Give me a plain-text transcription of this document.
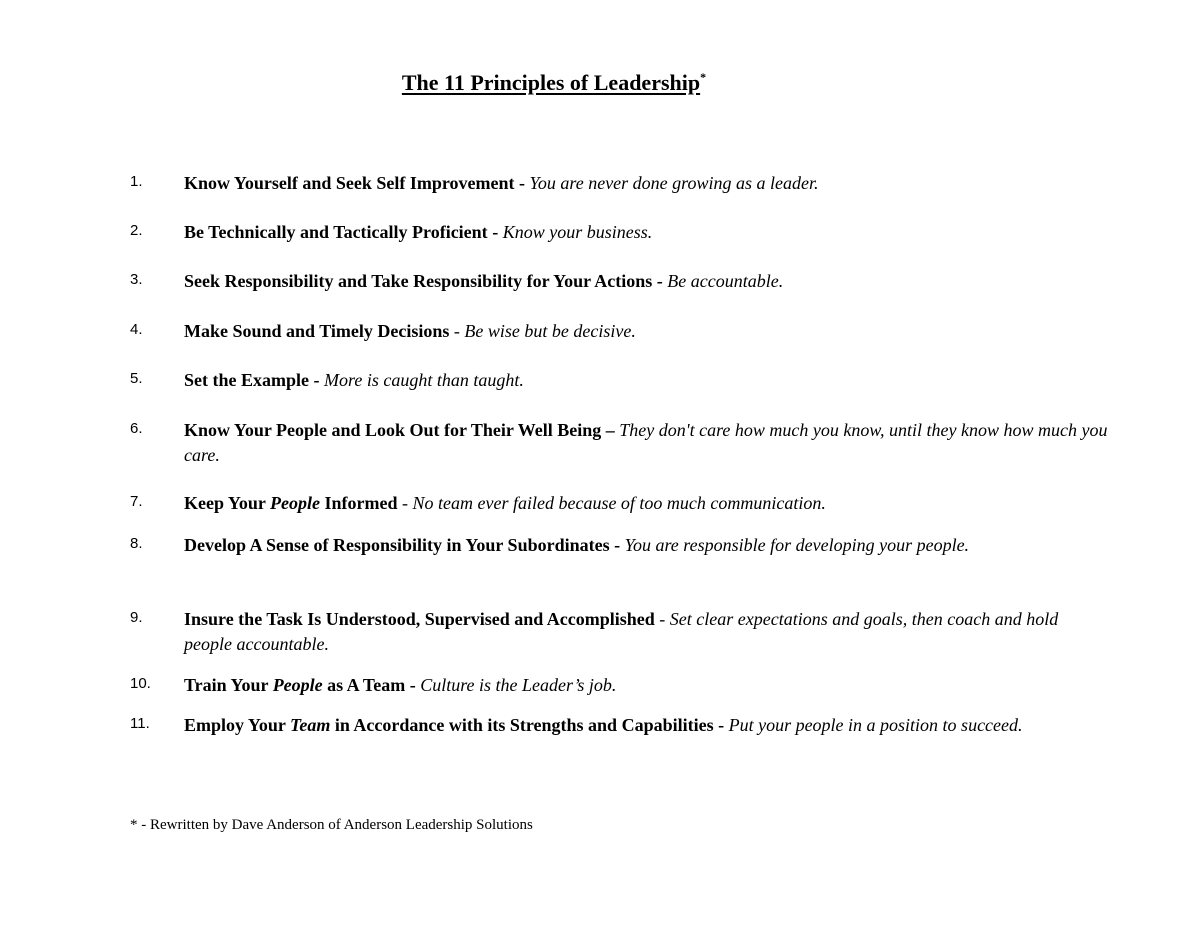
The 11 Principles of Leadership*
1. Know Yourself and Seek Self Improvement - You are never done growing as a leader.
2. Be Technically and Tactically Proficient - Know your business.
3. Seek Responsibility and Take Responsibility for Your Actions - Be accountable.
4. Make Sound and Timely Decisions - Be wise but be decisive.
5. Set the Example - More is caught than taught.
6. Know Your People and Look Out for Their Well Being – They don't care how much you know, until they know how much you care.
7. Keep Your People Informed - No team ever failed because of too much communication.
8. Develop A Sense of Responsibility in Your Subordinates - You are responsible for developing your people.
9. Insure the Task Is Understood, Supervised and Accomplished - Set clear expectations and goals, then coach and hold people accountable.
10. Train Your People as A Team - Culture is the Leader’s job.
11. Employ Your Team in Accordance with its Strengths and Capabilities - Put your people in a position to succeed.

* - Rewritten by Dave Anderson of Anderson Leadership Solutions
